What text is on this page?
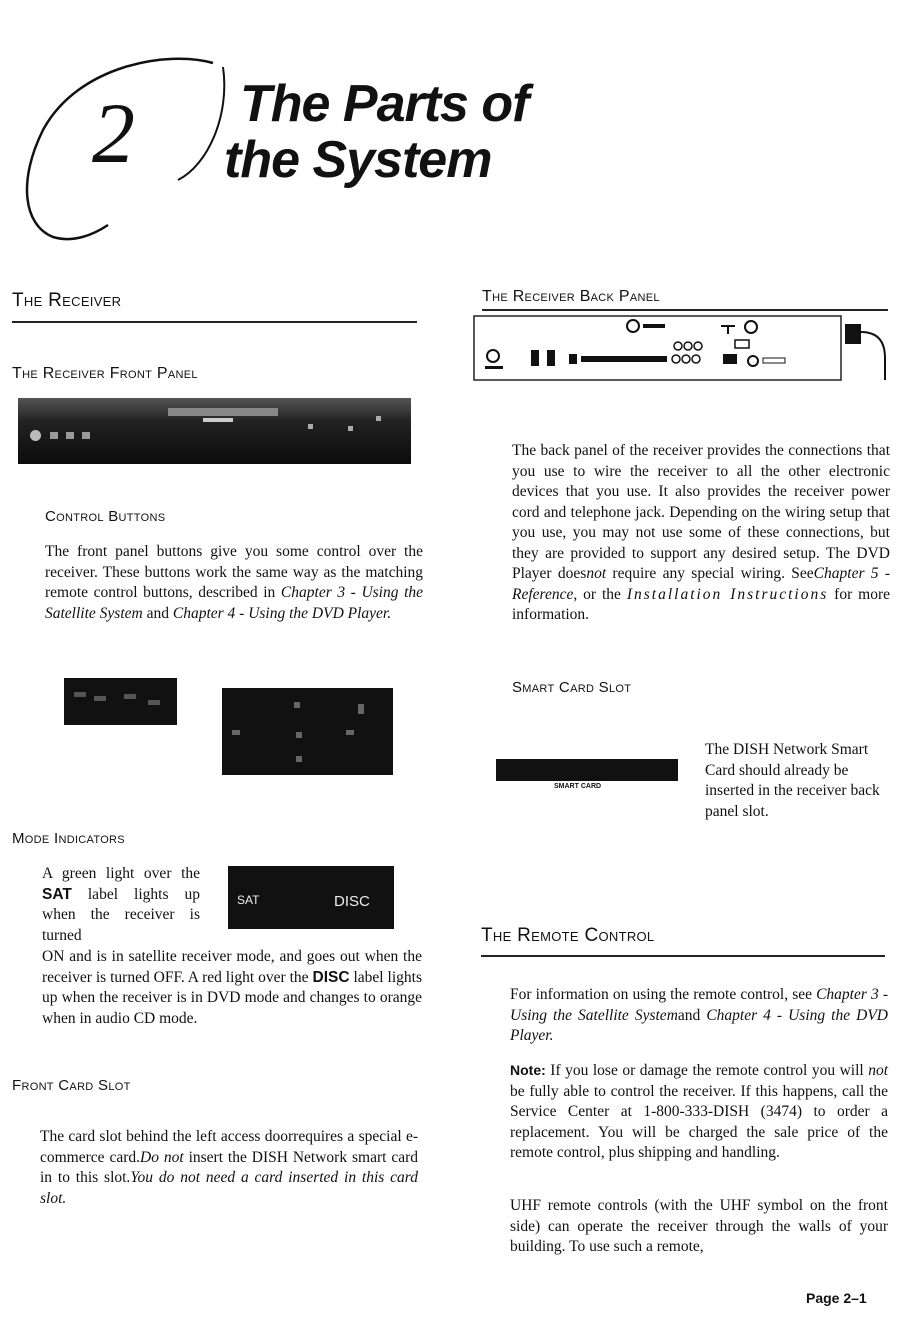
2 The Parts of
the System
The Receiver
The Receiver Front Panel
Control Buttons
The front panel buttons give you some control over the receiver. These buttons work the same way as the matching remote control buttons, described in Chapter 3 - Using the Satellite System and Chapter 4 - Using the DVD Player.
Mode Indicators
SAT	DISC
A green light over the SAT label lights up when the receiver is turned
ON and is in satellite receiver mode, and goes out when the receiver is turned OFF. A red light over the DISC label lights up when the receiver is in DVD mode and changes to orange when in audio CD mode.
Front Card Slot
The card slot behind the left access doorrequires a special e-commerce card.Do not insert the DISH Network smart card in to this slot.You do not need a card inserted in this card slot.
The Receiver Back Panel
The back panel of the receiver provides the connections that you use to wire the receiver to all the other electronic devices that you use. It also provides the receiver power cord and telephone jack. Depending on the wiring setup that you use, you may not use some of these connections, but they are provided to support any desired setup. The DVD Player doesnot require any special wiring. SeeChapter 5 - Reference, or the Installation Instructions for more information.
Smart Card Slot
SMART CARD
The DISH Network Smart Card should already be inserted in the receiver back panel slot.
The Remote Control
For information on using the remote control, see Chapter 3 - Using the Satellite Systemand Chapter 4 - Using the DVD Player.
Note: If you lose or damage the remote control you will not be fully able to control the receiver. If this happens, call the Service Center at 1-800-333-DISH (3474) to order a replacement. You will be charged the sale price of the remote control, plus shipping and handling.
UHF remote controls (with the UHF symbol on the front side) can operate the receiver through the walls of your building. To use such a remote,
Page 2–1
